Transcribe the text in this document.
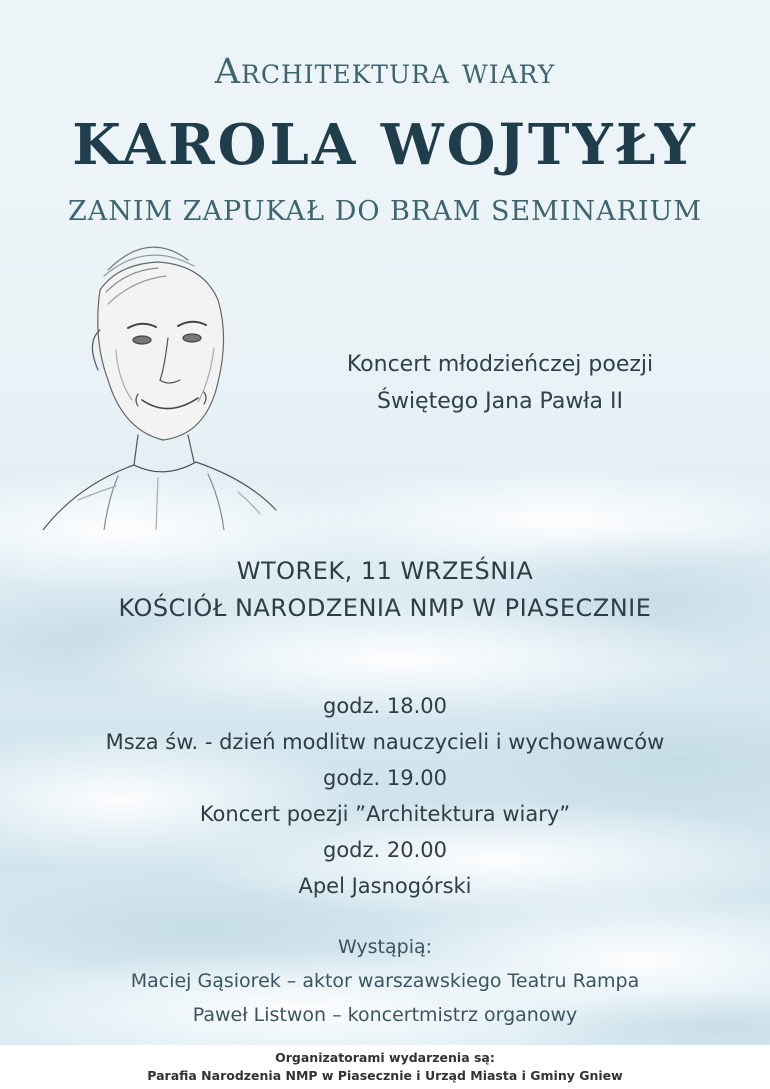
Architektura wiary
KAROLA WOJTYŁY
ZANIM ZAPUKAŁ DO BRAM SEMINARIUM
Koncert młodzieńczej poezji
Świętego Jana Pawła II
WTOREK, 11 WRZEŚNIA
KOŚCIÓŁ NARODZENIA NMP W PIASECZNIE
godz. 18.00
Msza św. - dzień modlitw nauczycieli i wychowawców
godz. 19.00
Koncert poezji ”Architektura wiary”
godz. 20.00
Apel Jasnogórski
Wystąpią:
Maciej Gąsiorek – aktor warszawskiego Teatru Rampa
Paweł Listwon – koncertmistrz organowy
Organizatorami wydarzenia są:
Parafia Narodzenia NMP w Piasecznie i Urząd Miasta i Gminy Gniew
